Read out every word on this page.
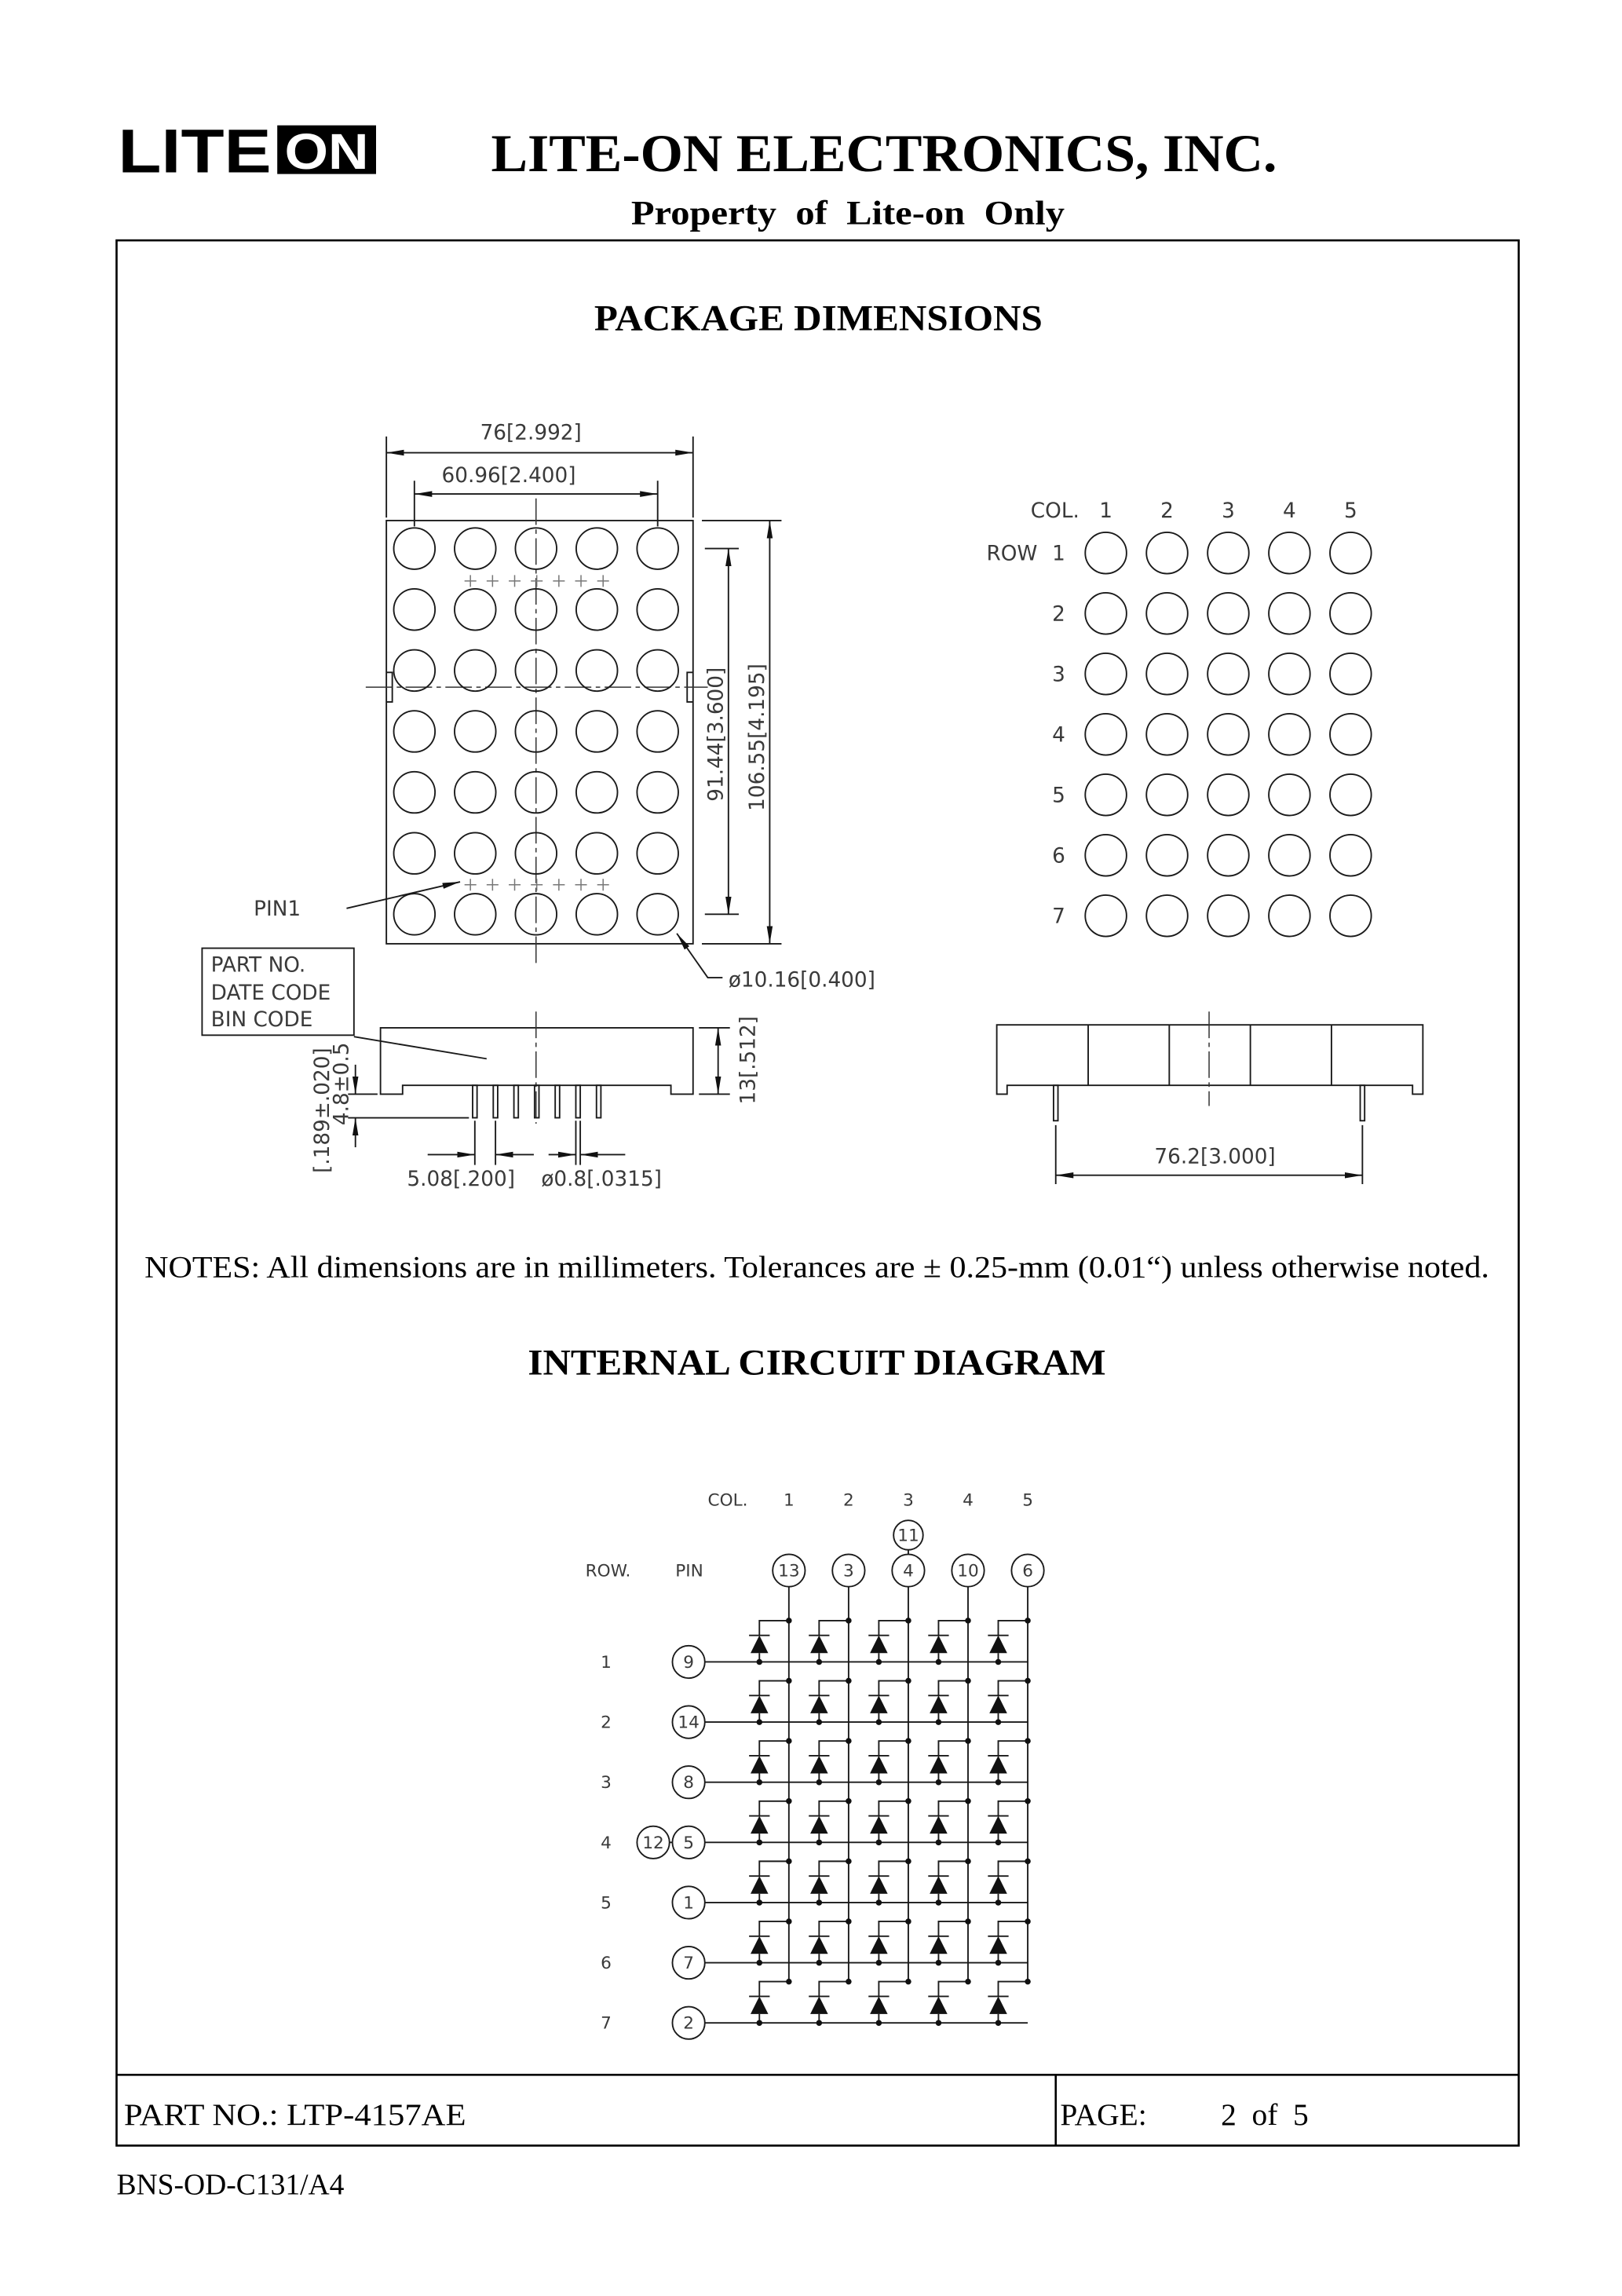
LITE ON	LITE-ON ELECTRONICS, INC.
Property  of  Lite-on  Only
PACKAGE DIMENSIONS
76[2.992]
60.96[2.400]
91.44[3.600] 106.55[4.195]
PIN1
ø10.16[0.400]
PART NO.
DATE CODE
BIN CODE	13[.512]
4.8±0.5
[.189±.020]
5.08[.200] ø0.8[.0315]
COL.
ROW
1	2	3	4	5
1
2
3
4
5
6
7
76.2[3.000]
NOTES: All dimensions are in millimeters. Tolerances are ± 0.25-mm (0.01“) unless otherwise noted.
INTERNAL CIRCUIT DIAGRAM
COL.
ROW.	PIN
1	2	3	4	5
11
13	3	4	10	6
1	9
2	14
3	8
4	5
5	1
6	7
7	2
12
PART NO.: LTP-4157AE	PAGE:	2  of  5
BNS-OD-C131/A4
